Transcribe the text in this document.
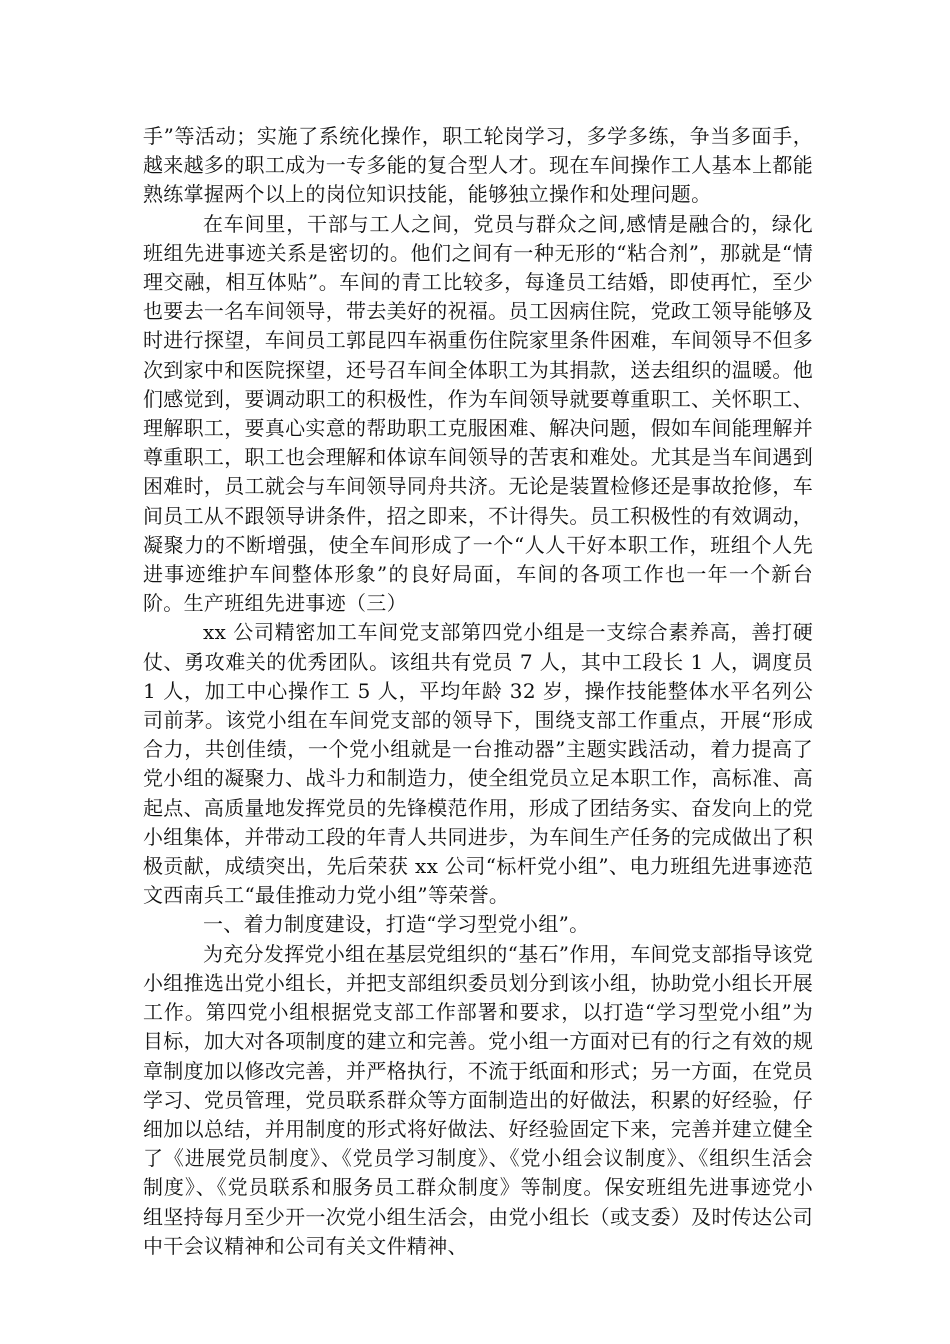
手”等活动；实施了系统化操作，职工轮岗学习，多学多练，争当多面手，越来越多的职工成为一专多能的复合型人才。现在车间操作工人基本上都能熟练掌握两个以上的岗位知识技能，能够独立操作和处理问题。

在车间里，干部与工人之间，党员与群众之间,感情是融合的，绿化班组先进事迹关系是密切的。他们之间有一种无形的“粘合剂”，那就是“情理交融，相互体贴”。车间的青工比较多，每逢员工结婚，即使再忙，至少也要去一名车间领导，带去美好的祝福。员工因病住院，党政工领导能够及时进行探望，车间员工郭昆四车祸重伤住院家里条件困难，车间领导不但多次到家中和医院探望，还号召车间全体职工为其捐款，送去组织的温暖。他们感觉到，要调动职工的积极性，作为车间领导就要尊重职工、关怀职工、理解职工，要真心实意的帮助职工克服困难、解决问题，假如车间能理解并尊重职工，职工也会理解和体谅车间领导的苦衷和难处。尤其是当车间遇到困难时，员工就会与车间领导同舟共济。无论是装置检修还是事故抢修，车间员工从不跟领导讲条件，招之即来，不计得失。员工积极性的有效调动，凝聚力的不断增强，使全车间形成了一个“人人干好本职工作，班组个人先进事迹维护车间整体形象”的良好局面，车间的各项工作也一年一个新台阶。生产班组先进事迹（三）

xx 公司精密加工车间党支部第四党小组是一支综合素养高，善打硬仗、勇攻难关的优秀团队。该组共有党员 7 人，其中工段长 1 人，调度员 1 人，加工中心操作工 5 人，平均年龄 32 岁，操作技能整体水平名列公司前茅。该党小组在车间党支部的领导下，围绕支部工作重点，开展“形成合力，共创佳绩，一个党小组就是一台推动器”主题实践活动，着力提高了党小组的凝聚力、战斗力和制造力，使全组党员立足本职工作，高标准、高起点、高质量地发挥党员的先锋模范作用，形成了团结务实、奋发向上的党小组集体，并带动工段的年青人共同进步，为车间生产任务的完成做出了积极贡献，成绩突出，先后荣获 xx 公司“标杆党小组”、电力班组先进事迹范文西南兵工“最佳推动力党小组”等荣誉。

一、着力制度建设，打造“学习型党小组”。

为充分发挥党小组在基层党组织的“基石”作用，车间党支部指导该党小组推选出党小组长，并把支部组织委员划分到该小组，协助党小组长开展工作。第四党小组根据党支部工作部署和要求，以打造“学习型党小组”为目标，加大对各项制度的建立和完善。党小组一方面对已有的行之有效的规章制度加以修改完善，并严格执行，不流于纸面和形式；另一方面，在党员学习、党员管理，党员联系群众等方面制造出的好做法，积累的好经验，仔细加以总结，并用制度的形式将好做法、好经验固定下来，完善并建立健全了《进展党员制度》、《党员学习制度》、《党小组会议制度》、《组织生活会制度》、《党员联系和服务员工群众制度》等制度。保安班组先进事迹党小组坚持每月至少开一次党小组生活会，由党小组长（或支委）及时传达公司中干会议精神和公司有关文件精神、
